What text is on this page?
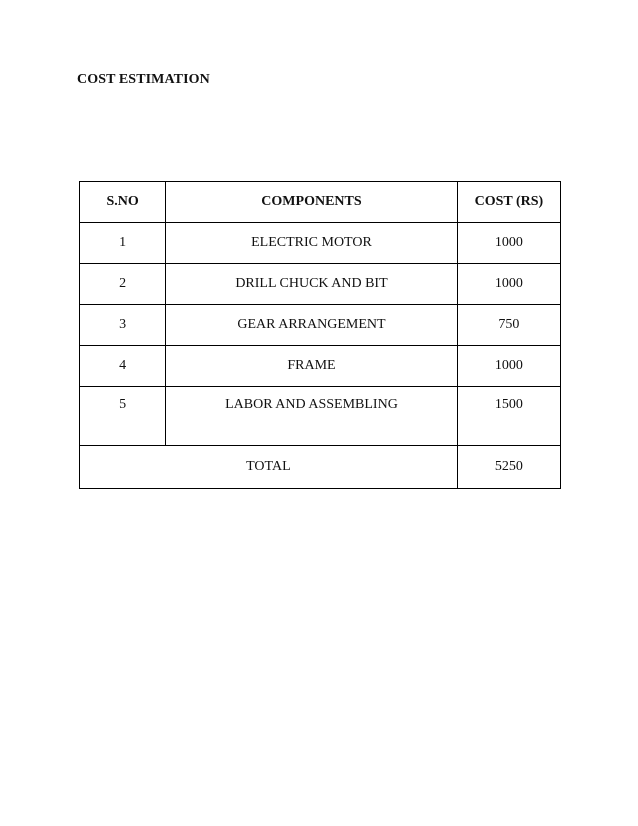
COST ESTIMATION
S.NO	COMPONENTS	COST (RS)
1	ELECTRIC MOTOR	1000
2	DRILL CHUCK AND BIT	1000
3	GEAR ARRANGEMENT	750
4	FRAME	1000
5	LABOR AND ASSEMBLING	1500
TOTAL		5250
